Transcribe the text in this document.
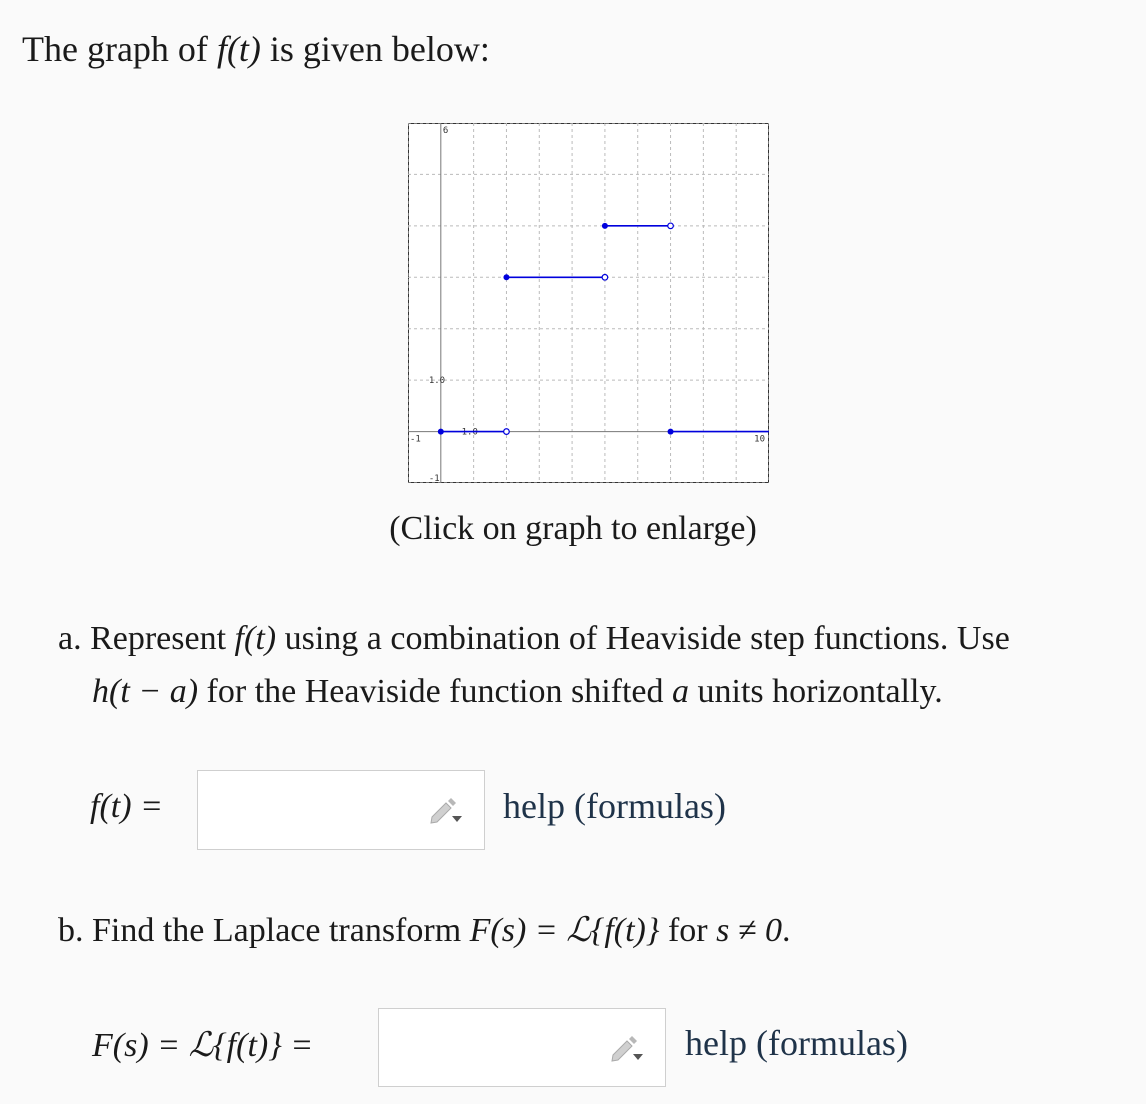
The graph of f(t) is given below:
6
1.0
-1
-1
1.0
10
(Click on graph to enlarge)
a. Represent f(t) using a combination of Heaviside step functions. Use
h(t − a) for the Heaviside function shifted a units horizontally.
f(t) =	help (formulas)
b. Find the Laplace transform F(s) = ℒ{f(t)} for s ≠ 0.
F(s) = ℒ{f(t)} =	help (formulas)
